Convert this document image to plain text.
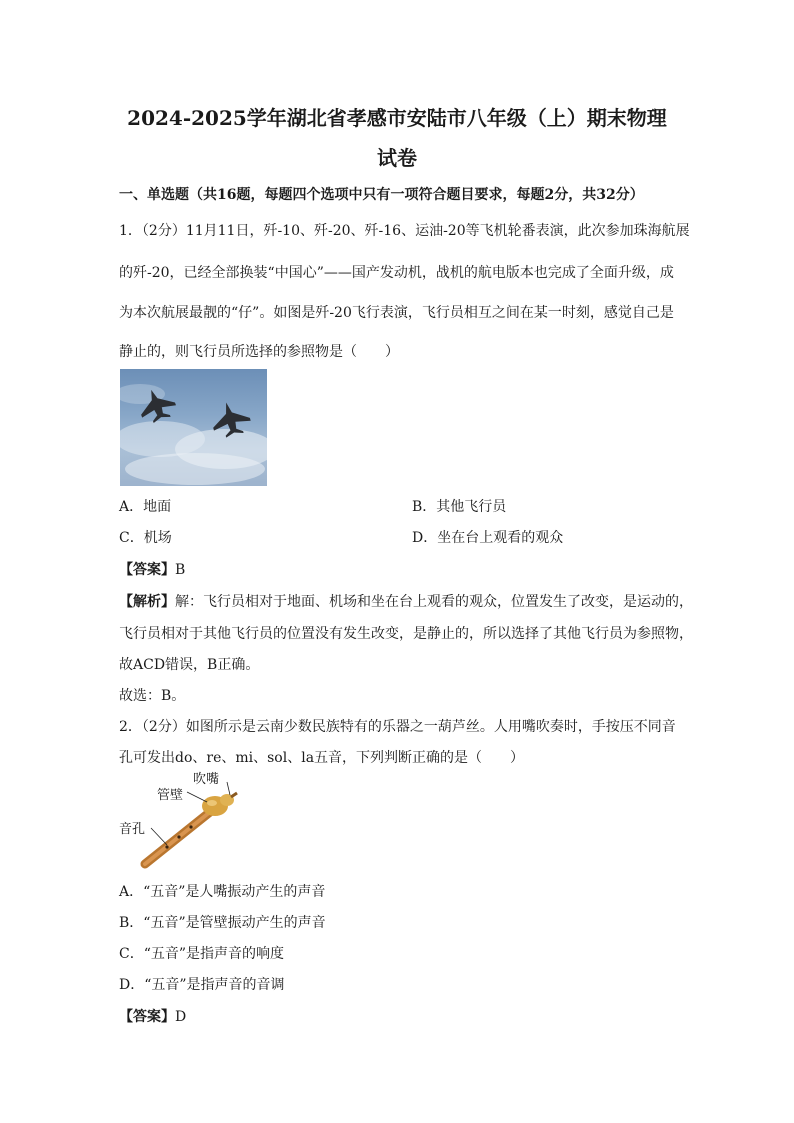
2024-2025学年湖北省孝感市安陆市八年级（上）期末物理
试卷
一、单选题（共16题，每题四个选项中只有一项符合题目要求，每题2分，共32分）
1．（2分）11月11日，歼-10、歼-20、歼-16、运油-20等飞机轮番表演，此次参加珠海航展
的歼-20，已经全部换装“中国心”——国产发动机，战机的航电版本也完成了全面升级，成
为本次航展最靓的“仔”。如图是歼-20飞行表演，飞行员相互之间在某一时刻，感觉自己是
静止的，则飞行员所选择的参照物是（　　）
A．地面	B．其他飞行员
C．机场	D．坐在台上观看的观众
【答案】B
【解析】解：飞行员相对于地面、机场和坐在台上观看的观众，位置发生了改变，是运动的，
飞行员相对于其他飞行员的位置没有发生改变，是静止的，所以选择了其他飞行员为参照物，
故ACD错误，B正确。
故选：B。
2．（2分）如图所示是云南少数民族特有的乐器之一葫芦丝。人用嘴吹奏时，手按压不同音
孔可发出do、re、mi、sol、la五音，下列判断正确的是（　　）
吹嘴
管壁
音孔
A．“五音”是人嘴振动产生的声音
B．“五音”是管壁振动产生的声音
C．“五音”是指声音的响度
D．“五音”是指声音的音调
【答案】D
